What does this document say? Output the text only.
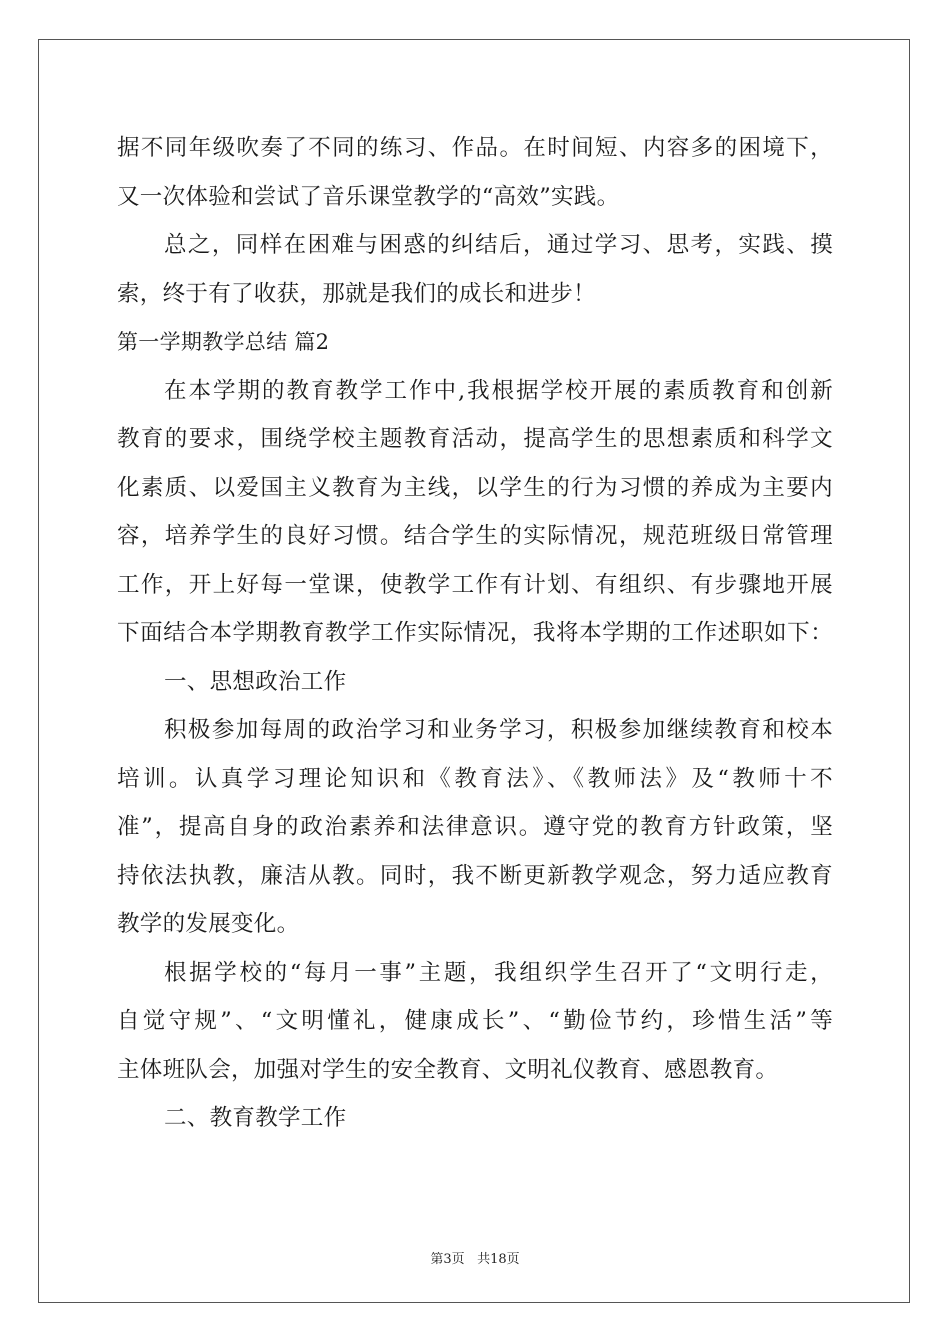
据不同年级吹奏了不同的练习、作品。在时间短、内容多的困境下，
又一次体验和尝试了音乐课堂教学的“高效”实践。
总之，同样在困难与困惑的纠结后，通过学习、思考，实践、摸
索，终于有了收获，那就是我们的成长和进步！
第一学期教学总结 篇2
在本学期的教育教学工作中,我根据学校开展的素质教育和创新
教育的要求，围绕学校主题教育活动，提高学生的思想素质和科学文
化素质、以爱国主义教育为主线，以学生的行为习惯的养成为主要内
容，培养学生的良好习惯。结合学生的实际情况，规范班级日常管理
工作，开上好每一堂课，使教学工作有计划、有组织、有步骤地开展
下面结合本学期教育教学工作实际情况，我将本学期的工作述职如下：
一、思想政治工作
积极参加每周的政治学习和业务学习，积极参加继续教育和校本
培训。认真学习理论知识和《教育法》、《教师法》及“教师十不
准”，提高自身的政治素养和法律意识。遵守党的教育方针政策，坚
持依法执教，廉洁从教。同时，我不断更新教学观念，努力适应教育
教学的发展变化。
根据学校的“每月一事”主题，我组织学生召开了“文明行走，
自觉守规”、“文明懂礼，健康成长”、“勤俭节约，珍惜生活”等
主体班队会，加强对学生的安全教育、文明礼仪教育、感恩教育。
二、教育教学工作
第3页 共18页
